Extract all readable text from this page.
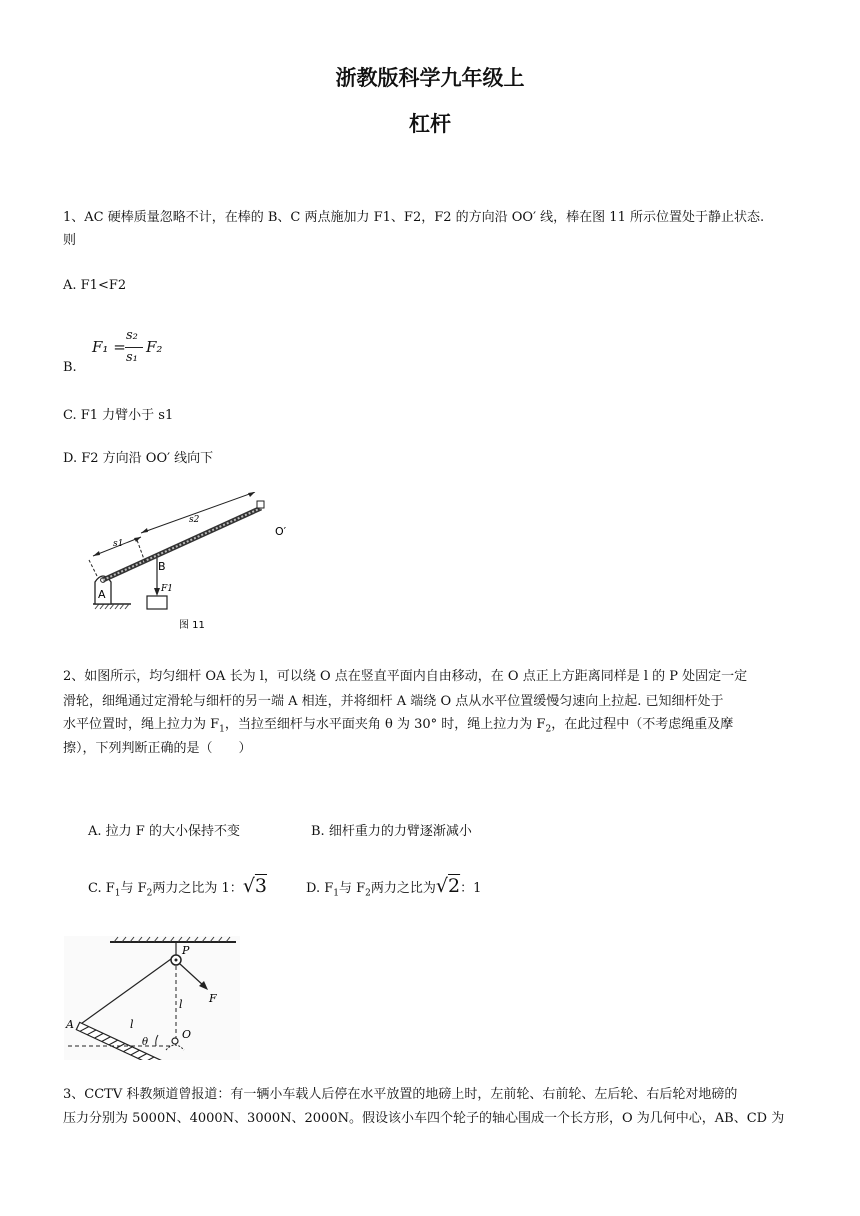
浙教版科学九年级上
杠杆
1、AC 硬棒质量忽略不计，在棒的 B、C 两点施加力 F1、F2，F2 的方向沿 OO′ 线，棒在图 11 所示位置处于静止状态.
则
A. F1<F2
B.
F₁ =
s₂
s₁
F₂
C. F1 力臂小于 s1
D. F2 方向沿 OO′ 线向下
A
s1
s2
B
F1
O′
图 11
2、如图所示，均匀细杆 OA 长为 l，可以绕 O 点在竖直平面内自由移动，在 O 点正上方距离同样是 l 的 P 处固定一定
滑轮，细绳通过定滑轮与细杆的另一端 A 相连，并将细杆 A 端绕 O 点从水平位置缓慢匀速向上拉起. 已知细杆处于
水平位置时，绳上拉力为 $F_1$，当拉至细杆与水平面夹角 θ 为 30° 时，绳上拉力为 $F_2$，在此过程中（不考虑绳重及摩
擦），下列判断正确的是（　　）
A. 拉力 F 的大小保持不变	B. 细杆重力的力臂逐渐减小
C. $F_1$与 $F_2$两力之比为 1：√3	D. $F_1$与 $F_2$两力之比为√2：1
P
F
l
A	l
O
θ
3、CCTV 科教频道曾报道：有一辆小车载人后停在水平放置的地磅上时，左前轮、右前轮、左后轮、右后轮对地磅的
压力分别为 5000N、4000N、3000N、2000N。假设该小车四个轮子的轴心围成一个长方形，O 为几何中心，AB、CD 为
